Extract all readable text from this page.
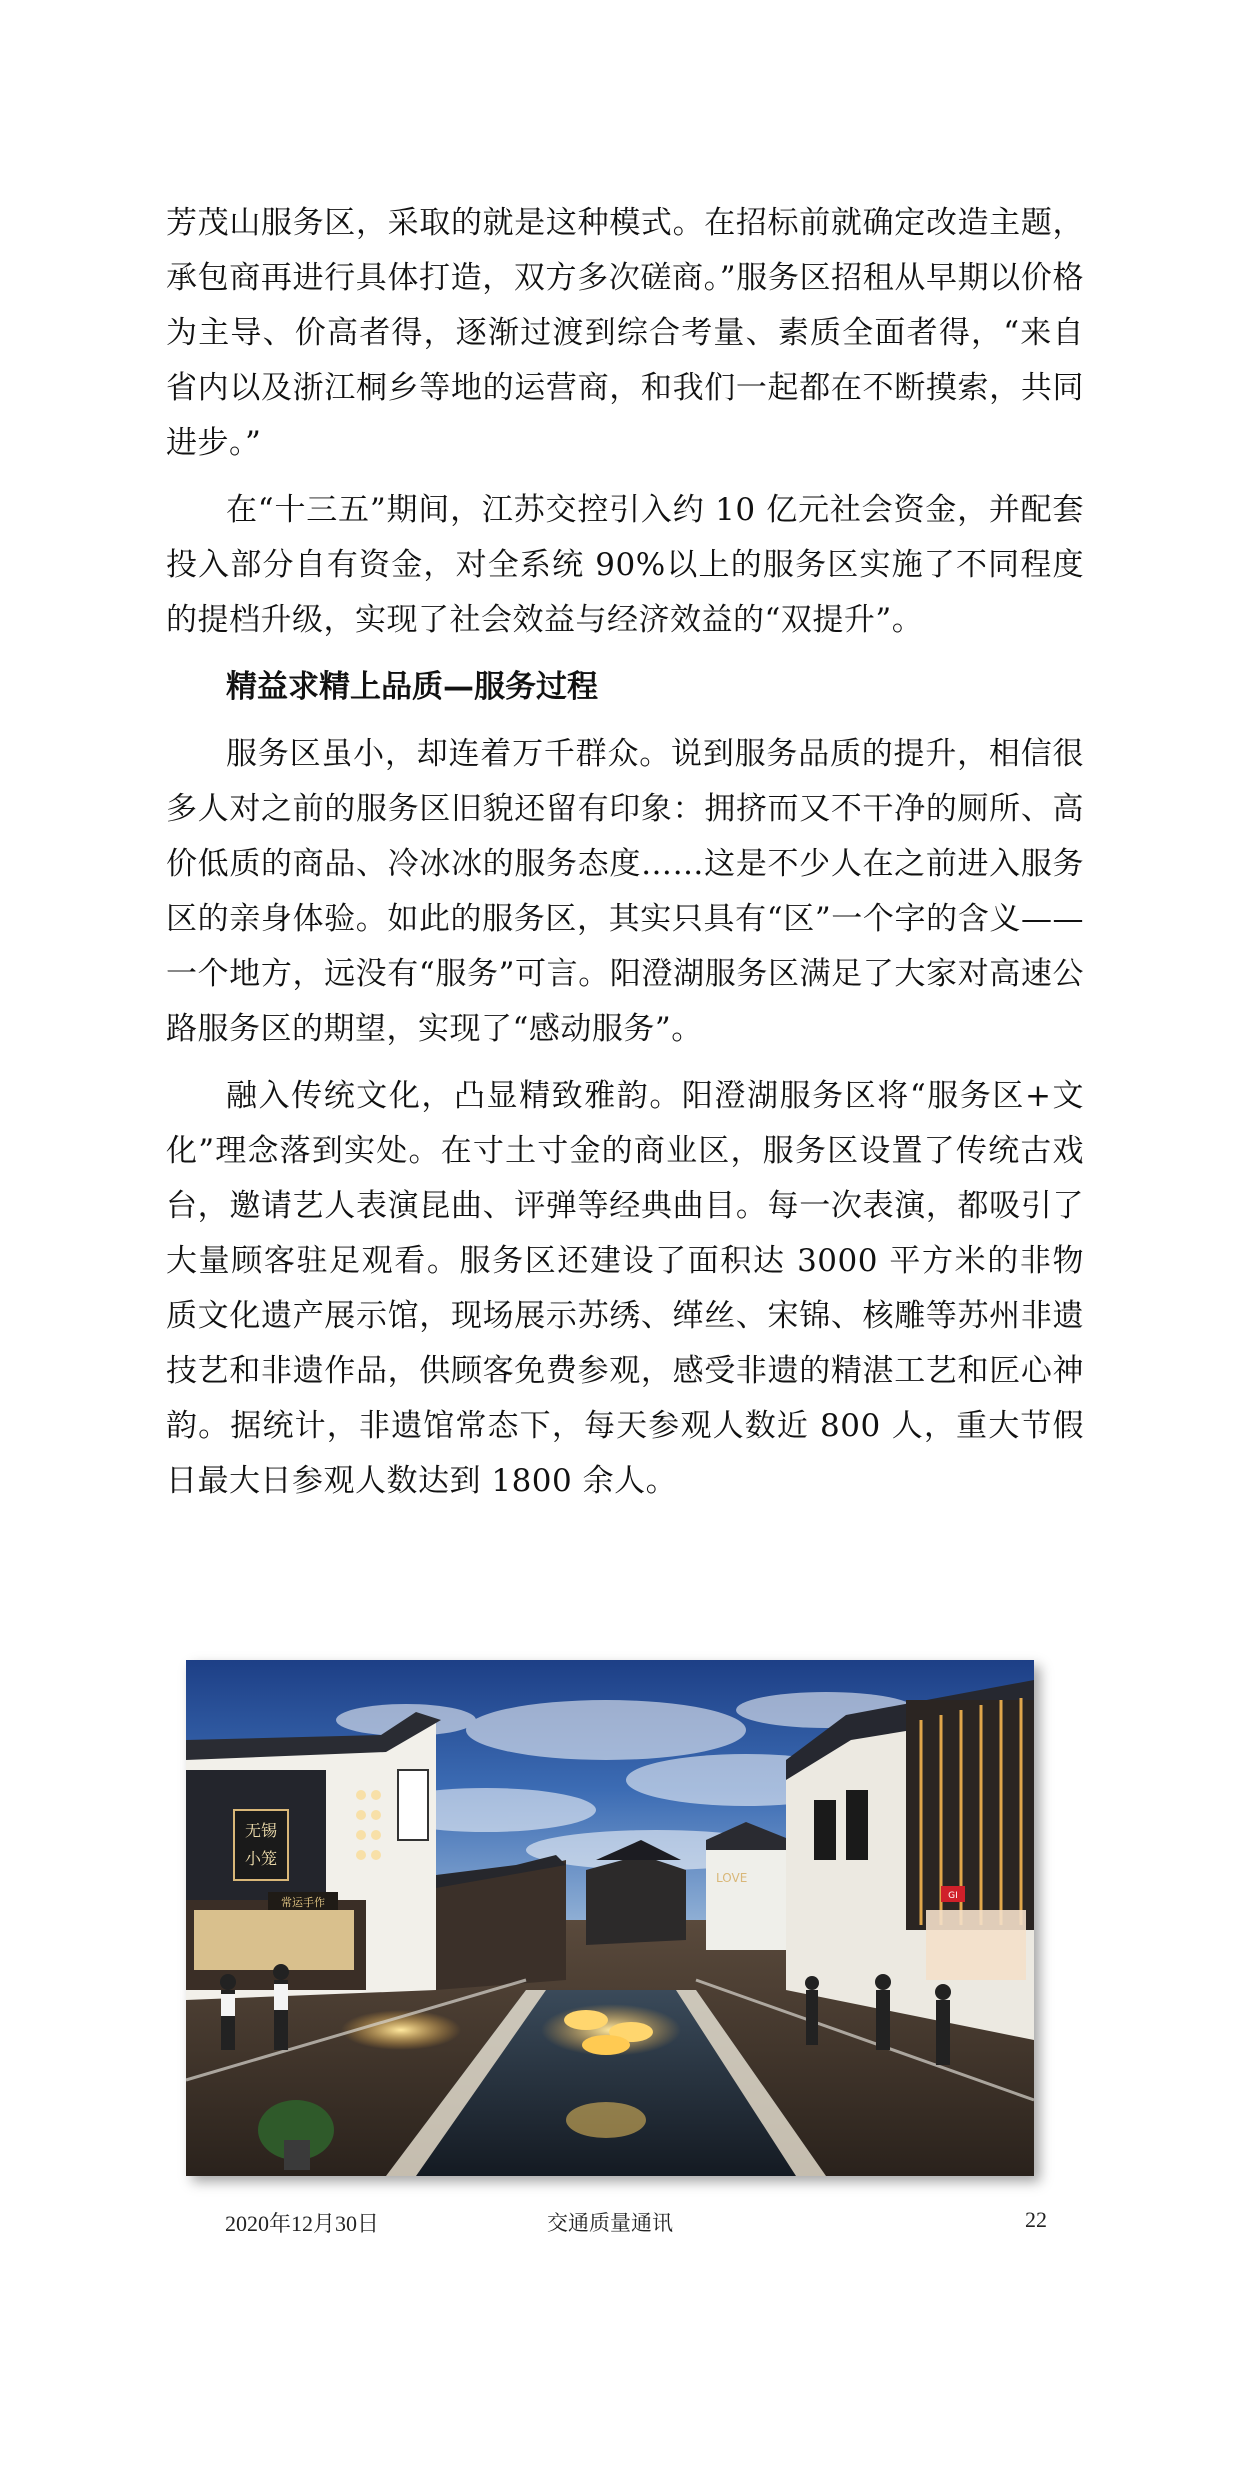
芳茂山服务区，采取的就是这种模式。在招标前就确定改造主题，承包商再进行具体打造，双方多次磋商。”服务区招租从早期以价格为主导、价高者得，逐渐过渡到综合考量、素质全面者得，“来自省内以及浙江桐乡等地的运营商，和我们一起都在不断摸索，共同进步。”

在“十三五”期间，江苏交控引入约 10 亿元社会资金，并配套投入部分自有资金，对全系统 90%以上的服务区实施了不同程度的提档升级，实现了社会效益与经济效益的“双提升”。

精益求精上品质—服务过程

服务区虽小，却连着万千群众。说到服务品质的提升，相信很多人对之前的服务区旧貌还留有印象：拥挤而又不干净的厕所、高价低质的商品、冷冰冰的服务态度……这是不少人在之前进入服务区的亲身体验。如此的服务区，其实只具有“区”一个字的含义——一个地方，远没有“服务”可言。阳澄湖服务区满足了大家对高速公路服务区的期望，实现了“感动服务”。

融入传统文化，凸显精致雅韵。阳澄湖服务区将“服务区+文化”理念落到实处。在寸土寸金的商业区，服务区设置了传统古戏台，邀请艺人表演昆曲、评弹等经典曲目。每一次表演，都吸引了大量顾客驻足观看。服务区还建设了面积达 3000 平方米的非物质文化遗产展示馆，现场展示苏绣、缂丝、宋锦、核雕等苏州非遗技艺和非遗作品，供顾客免费参观，感受非遗的精湛工艺和匠心神韵。据统计，非遗馆常态下，每天参观人数近 800 人，重大节假日最大日参观人数达到 1800 余人。

无锡
小笼
常运手作
LOVE
GI
2020年12月30日	交通质量通讯	22
